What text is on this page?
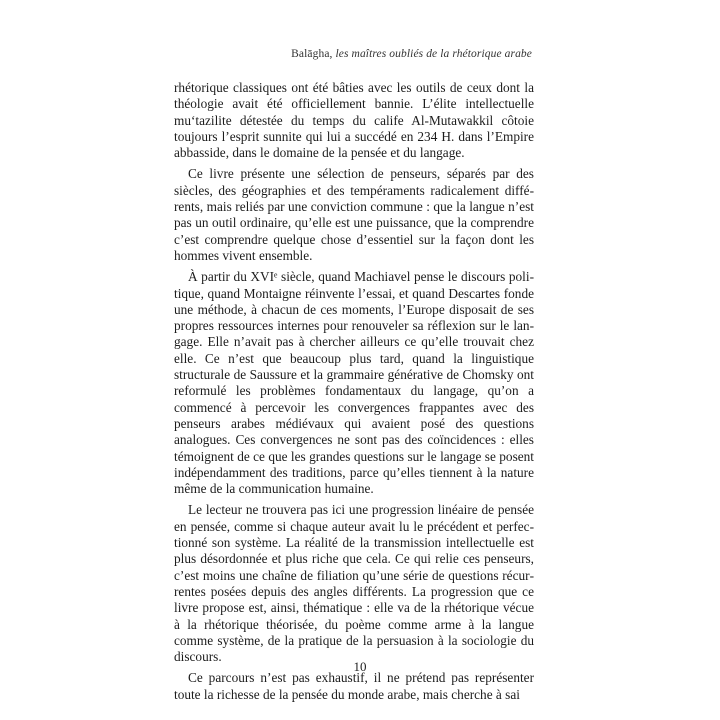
Balāgha, les maîtres oubliés de la rhétorique arabe

rhétorique classiques ont été bâties avec les outils de ceux dont la théologie avait été officiellement bannie. L’élite intellectuelle mu‘tazilite détestée du temps du calife Al-Mutawakkil côtoie toujours l’esprit sunnite qui lui a succédé en 234 H. dans l’Empire abbasside, dans le domaine de la pensée et du langage.

Ce livre présente une sélection de penseurs, séparés par des siècles, des géographies et des tempéraments radicalement différents, mais reliés par une conviction commune : que la langue n’est pas un outil ordinaire, qu’elle est une puissance, que la comprendre c’est comprendre quelque chose d’essentiel sur la façon dont les hommes vivent ensemble.

À partir du XVIᵉ siècle, quand Machiavel pense le discours politique, quand Montaigne réinvente l’essai, et quand Descartes fonde une méthode, à chacun de ces moments, l’Europe disposait de ses propres ressources internes pour renouveler sa réflexion sur le langage. Elle n’avait pas à chercher ailleurs ce qu’elle trouvait chez elle. Ce n’est que beaucoup plus tard, quand la linguistique structurale de Saussure et la grammaire générative de Chomsky ont reformulé les problèmes fondamentaux du langage, qu’on a commencé à percevoir les convergences frappantes avec des penseurs arabes médiévaux qui avaient posé des questions analogues. Ces convergences ne sont pas des coïncidences : elles témoignent de ce que les grandes questions sur le langage se posent indépendamment des traditions, parce qu’elles tiennent à la nature même de la communication humaine.

Le lecteur ne trouvera pas ici une progression linéaire de pensée en pensée, comme si chaque auteur avait lu le précédent et perfectionné son système. La réalité de la transmission intellectuelle est plus désordonnée et plus riche que cela. Ce qui relie ces penseurs, c’est moins une chaîne de filiation qu’une série de questions récurrentes posées depuis des angles différents. La progression que ce livre propose est, ainsi, thématique : elle va de la rhétorique vécue à la rhétorique théorisée, du poème comme arme à la langue comme système, de la pratique de la persuasion à la sociologie du discours.

Ce parcours n’est pas exhaustif, il ne prétend pas représenter toute la richesse de la pensée du monde arabe, mais cherche à sai

10
